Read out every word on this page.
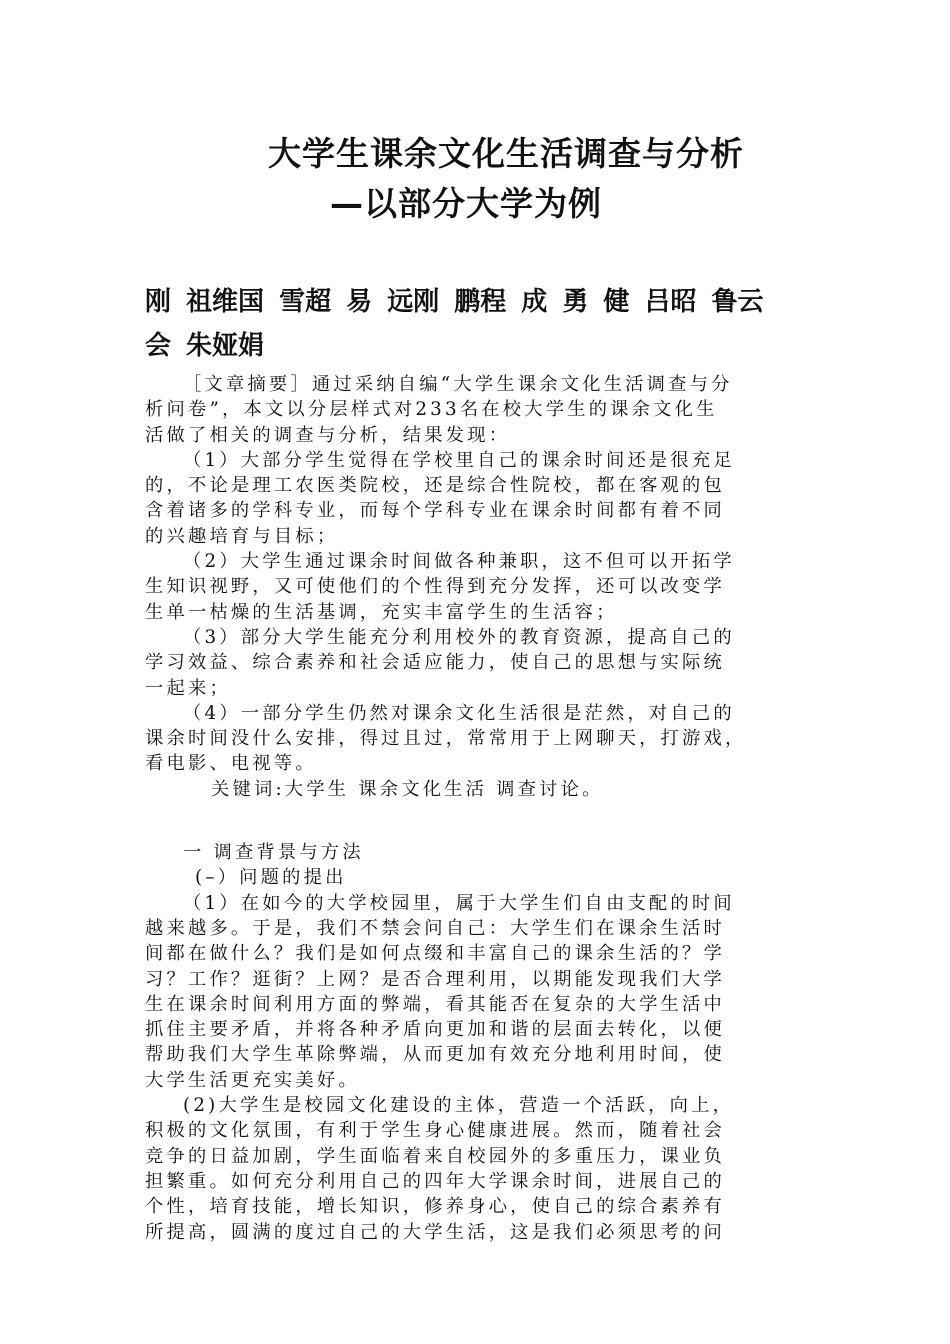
大学生课余文化生活调查与分析
—以部分大学为例
刚 祖维国 雪超 易 远刚 鹏程 成 勇 健 吕昭 鲁云
会 朱娅娟
［文章摘要］通过采纳自编“大学生课余文化生活调查与分
析问卷”，本文以分层样式对233名在校大学生的课余文化生
活做了相关的调查与分析，结果发现：
（1）大部分学生觉得在学校里自己的课余时间还是很充足
的，不论是理工农医类院校，还是综合性院校，都在客观的包
含着诸多的学科专业，而每个学科专业在课余时间都有着不同
的兴趣培育与目标；
（2）大学生通过课余时间做各种兼职，这不但可以开拓学
生知识视野，又可使他们的个性得到充分发挥，还可以改变学
生单一枯燥的生活基调，充实丰富学生的生活容；
（3）部分大学生能充分利用校外的教育资源，提高自己的
学习效益、综合素养和社会适应能力，使自己的思想与实际统
一起来；
（4）一部分学生仍然对课余文化生活很是茫然，对自己的
课余时间没什么安排，得过且过，常常用于上网聊天，打游戏，
看电影、电视等。
关键词:大学生 课余文化生活 调查讨论。
一 调查背景与方法
(–）问题的提出
（1）在如今的大学校园里，属于大学生们自由支配的时间
越来越多。于是，我们不禁会问自己：大学生们在课余生活时
间都在做什么？我们是如何点缀和丰富自己的课余生活的？学
习？工作？逛街？上网？是否合理利用，以期能发现我们大学
生在课余时间利用方面的弊端，看其能否在复杂的大学生活中
抓住主要矛盾，并将各种矛盾向更加和谐的层面去转化，以便
帮助我们大学生革除弊端，从而更加有效充分地利用时间，使
大学生活更充实美好。
(2)大学生是校园文化建设的主体，营造一个活跃，向上，
积极的文化氛围，有利于学生身心健康进展。然而，随着社会
竞争的日益加剧，学生面临着来自校园外的多重压力，课业负
担繁重。如何充分利用自己的四年大学课余时间，进展自己的
个性，培育技能，增长知识，修养身心，使自己的综合素养有
所提高，圆满的度过自己的大学生活，这是我们必须思考的问
